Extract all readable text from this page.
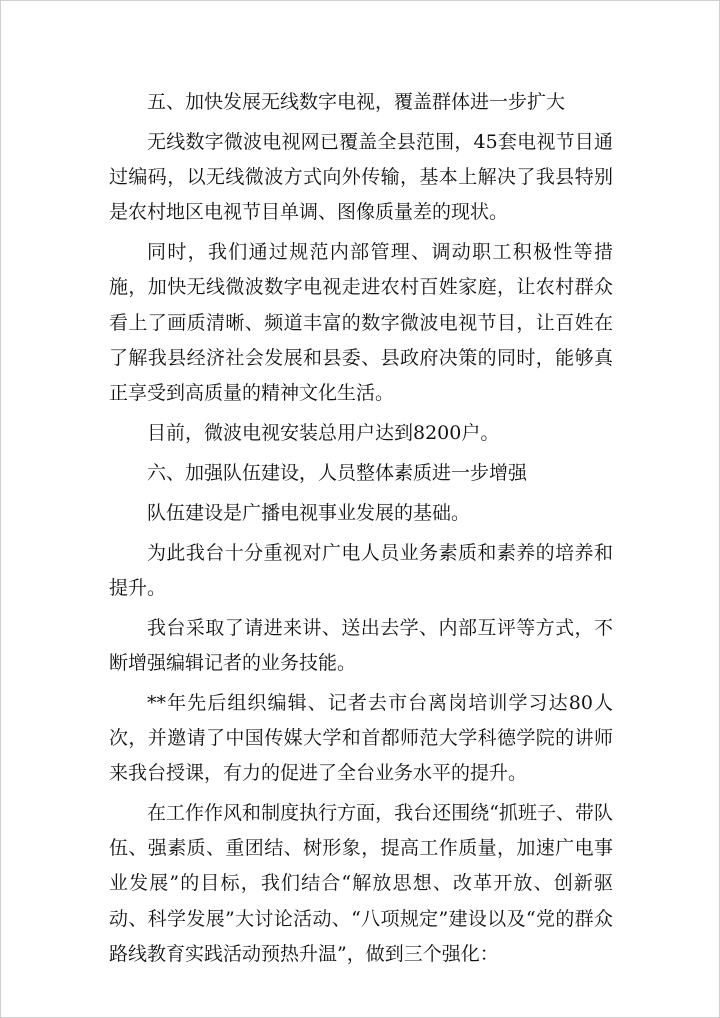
五、加快发展无线数字电视，覆盖群体进一步扩大

无线数字微波电视网已覆盖全县范围，45套电视节目通过编码，以无线微波方式向外传输，基本上解决了我县特别是农村地区电视节目单调、图像质量差的现状。

同时，我们通过规范内部管理、调动职工积极性等措施，加快无线微波数字电视走进农村百姓家庭，让农村群众看上了画质清晰、频道丰富的数字微波电视节目，让百姓在了解我县经济社会发展和县委、县政府决策的同时，能够真正享受到高质量的精神文化生活。

目前，微波电视安装总用户达到8200户。

六、加强队伍建设，人员整体素质进一步增强

队伍建设是广播电视事业发展的基础。

为此我台十分重视对广电人员业务素质和素养的培养和提升。

我台采取了请进来讲、送出去学、内部互评等方式，不断增强编辑记者的业务技能。

**年先后组织编辑、记者去市台离岗培训学习达80人次，并邀请了中国传媒大学和首都师范大学科德学院的讲师来我台授课，有力的促进了全台业务水平的提升。

在工作作风和制度执行方面，我台还围绕“抓班子、带队伍、强素质、重团结、树形象，提高工作质量，加速广电事业发展”的目标，我们结合“解放思想、改革开放、创新驱动、科学发展”大讨论活动、“八项规定”建设以及“党的群众路线教育实践活动预热升温”，做到三个强化：
